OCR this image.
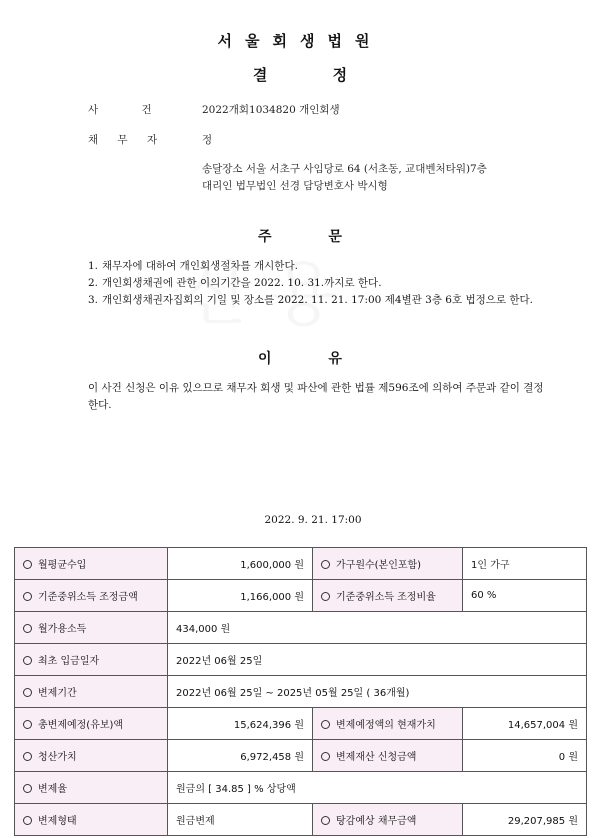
서울회생법원
결 정
사 건	2022개회1034820 개인회생
채 무 자	정
송달장소 서울 서초구 사임당로 64 (서초동, 교대벤처타워)7층
대리인 법무법인 선경 담당변호사 박시형
주 문
1. 채무자에 대하여 개인회생절차를 개시한다.
2. 개인회생채권에 관한 이의기간을 2022. 10. 31.까지로 한다.
3. 개인회생채권자집회의 기일 및 장소를 2022. 11. 21. 17:00 제4별관 3층 6호 법정으로 한다.
이 유
이 사건 신청은 이유 있으므로 채무자 회생 및 파산에 관한 법률 제596조에 의하여 주문과 같이 결정한다.
2022. 9. 21. 17:00
월평균수입	1,600,000 원	가구원수(본인포함)	1인 가구
기준중위소득 조정금액	1,166,000 원	기준중위소득 조정비율	60 %
월가용소득	434,000 원		
최초 입금일자	2022년 06월 25일		
변제기간	2022년 06월 25일 ~ 2025년 05월 25일 ( 36개월)		
총변제예정(유보)액	15,624,396 원	변제예정액의 현재가치	14,657,004 원
청산가치	6,972,458 원	변제재산 신청금액	0 원
변제율	원금의 [ 34.85 ] % 상당액		
변제형태	원금변제	탕감예상 채무금액	29,207,985 원
